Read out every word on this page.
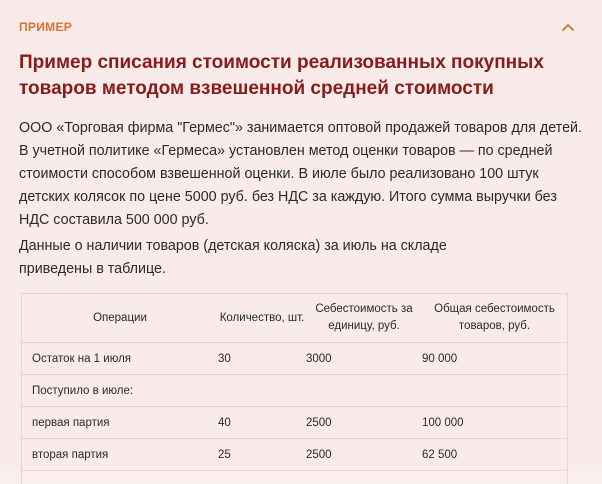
ПРИМЕР
Пример списания стоимости реализованных покупных товаров методом взвешенной средней стоимости

ООО «Торговая фирма "Гермес"» занимается оптовой продажей товаров для детей. В учетной политике «Гермеса» установлен метод оценки товаров — по средней стоимости способом взвешенной оценки. В июле было реализовано 100 штук детских колясок по цене 5000 руб. без НДС за каждую. Итого сумма выручки без НДС составила 500 000 руб.

Данные о наличии товаров (детская коляска) за июль на складе приведены в таблице.

Операции	Количество, шт.	Себестоимость за единицу, руб.	Общая себестоимость товаров, руб.
Остаток на 1 июля	30	3000	90 000
Поступило в июле:			
первая партия	40	2500	100 000
вторая партия	25	2500	62 500
